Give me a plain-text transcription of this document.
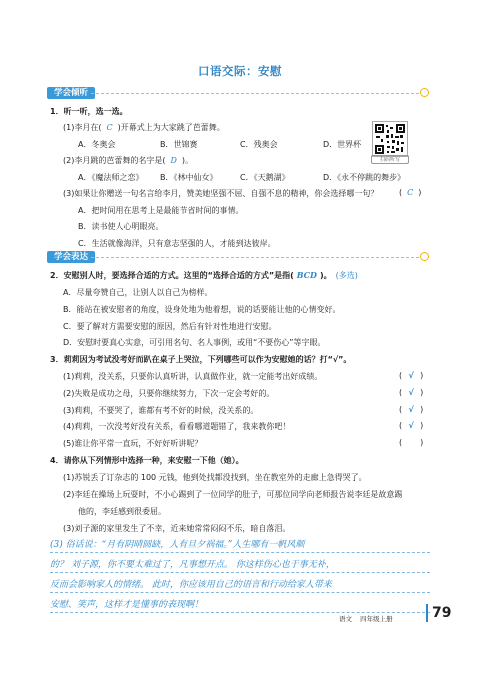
口语交际：安慰
学会倾听
1．听一听，选一选。
(1)李月在( C )开幕式上为大家跳了芭蕾舞。
A．冬奥会	B．世锦赛	C．残奥会	D．世界杯
扫码听写
(2)李月跳的芭蕾舞的名字是( D )。
A．《魔法师之恋》 B．《林中仙女》	C．《天鹅湖》	D．《永不停跳的舞步》
(3)如果让你赠送一句名言给李月，赞美她坚强不屈、自强不息的精神，你会选择哪一句？	( C )
A．把时间用在思考上是最能节省时间的事情。
B．读书使人心明眼亮。
C．生活就像海洋，只有意志坚强的人，才能到达彼岸。
学会表达
2．安慰别人时，要选择合适的方式。这里的“选择合适的方式”是指( BCD )。 (多选)
A．尽量夸赞自己，让别人以自己为榜样。
B．能站在被安慰者的角度，设身处地为他着想，说的话要能让他的心情变好。
C．要了解对方需要安慰的原因，然后有针对性地进行安慰。
D．安慰时要真心实意，可引用名句、名人事例，或用“不要伤心”等字眼。
3．莉莉因为考试没考好而趴在桌子上哭泣，下列哪些可以作为安慰她的话？打“√”。
(1)莉莉，没关系，只要你认真听讲，认真做作业，就一定能考出好成绩。	( √ )
(2)失败是成功之母，只要你继续努力，下次一定会考好的。	( √ )
(3)莉莉，不要哭了，谁都有考不好的时候，没关系的。	( √ )
(4)莉莉，一次没考好没有关系，看看哪道题错了，我来教你吧！	( √ )
(5)谁让你平常一直玩，不好好听讲呢？	( )
4．请你从下列情形中选择一种，来安慰一下他（她）。
(1)苏锐丢了订杂志的 100 元钱，他到处找都没找到，坐在教室外的走廊上急得哭了。
(2)李廷在操场上玩耍时，不小心踢到了一位同学的肚子，可那位同学向老师报告说李廷是故意踢
他的，李廷感到很委屈。
(3)刘子源的家里发生了不幸，近来她常常闷闷不乐，暗自落泪。
(3) 俗话说：“月有阴晴圆缺，人有旦夕祸福。”人生哪有一帆风顺
的？ 刘子源，你不要太难过了，凡事想开点。 你这样伤心也于事无补，
反而会影响家人的情绪。 此时，你应该用自己的语言和行动给家人带来
安慰、笑声，这样才是懂事的表现啊！
语文 四年级上册	79
